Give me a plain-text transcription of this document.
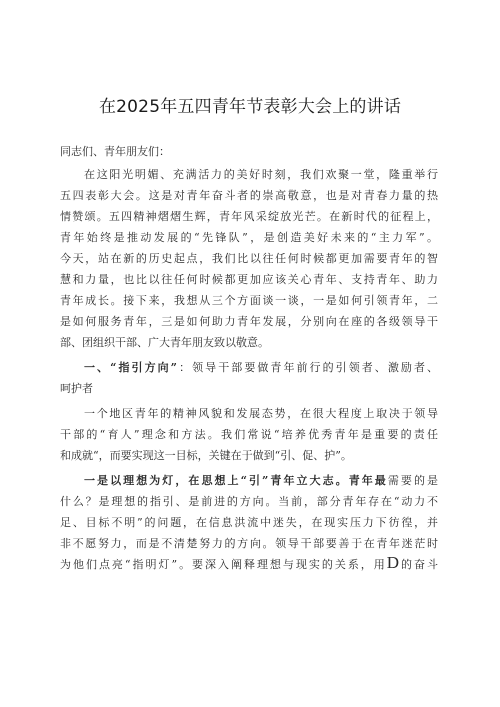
在2025年五四青年节表彰大会上的讲话
同志们、青年朋友们：
在这阳光明媚、充满活力的美好时刻，我们欢聚一堂，隆重举行
五四表彰大会。这是对青年奋斗者的崇高敬意，也是对青春力量的热
情赞颂。五四精神熠熠生辉，青年风采绽放光芒。在新时代的征程上，
青年始终是推动发展的“先锋队”，是创造美好未来的“主力军”。
今天，站在新的历史起点，我们比以往任何时候都更加需要青年的智
慧和力量，也比以往任何时候都更加应该关心青年、支持青年、助力
青年成长。接下来，我想从三个方面谈一谈，一是如何引领青年，二
是如何服务青年，三是如何助力青年发展，分别向在座的各级领导干
部、团组织干部、广大青年朋友致以敬意。
一、“指引方向”：领导干部要做青年前行的引领者、激励者、
呵护者
一个地区青年的精神风貌和发展态势，在很大程度上取决于领导
干部的“育人”理念和方法。我们常说“培养优秀青年是重要的责任
和成就“，而要实现这一目标，关键在于做到“引、促、护”。
一是以理想为灯，在思想上“引”青年立大志。青年最需要的是
什么？是理想的指引、是前进的方向。当前，部分青年存在“动力不
足、目标不明”的问题，在信息洪流中迷失，在现实压力下彷徨，并
非不愿努力，而是不清楚努力的方向。领导干部要善于在青年迷茫时
为他们点亮“指明灯”。要深入阐释理想与现实的关系，用D的奋斗
